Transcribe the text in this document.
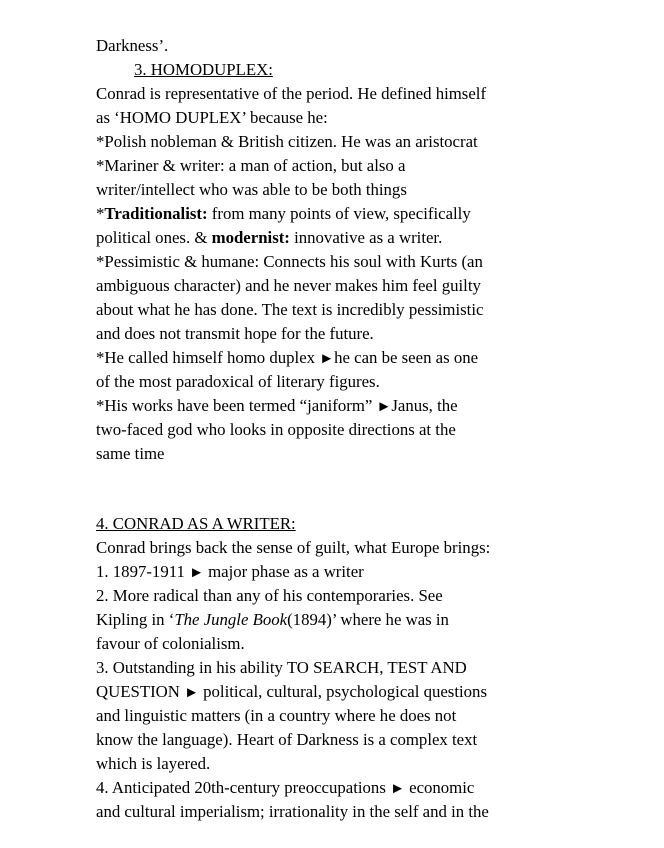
Darkness’.
3. HOMODUPLEX:
Conrad is representative of the period. He defined himself
as ‘HOMO DUPLEX’ because he:
*Polish nobleman & British citizen. He was an aristocrat
*Mariner & writer: a man of action, but also a
writer/intellect who was able to be both things
*Traditionalist: from many points of view, specifically
political ones. & modernist: innovative as a writer.
*Pessimistic & humane: Connects his soul with Kurts (an
ambiguous character) and he never makes him feel guilty
about what he has done. The text is incredibly pessimistic
and does not transmit hope for the future.
*He called himself homo duplex ►he can be seen as one
of the most paradoxical of literary figures.
*His works have been termed “janiform” ►Janus, the
two-faced god who looks in opposite directions at the
same time
4. CONRAD AS A WRITER:
Conrad brings back the sense of guilt, what Europe brings:
1. 1897-1911 ► major phase as a writer
2. More radical than any of his contemporaries. See
Kipling in ‘The Jungle Book(1894)’ where he was in
favour of colonialism.
3. Outstanding in his ability TO SEARCH, TEST AND
QUESTION ► political, cultural, psychological questions
and linguistic matters (in a country where he does not
know the language). Heart of Darkness is a complex text
which is layered.
4. Anticipated 20th-century preoccupations ► economic
and cultural imperialism; irrationality in the self and in the
